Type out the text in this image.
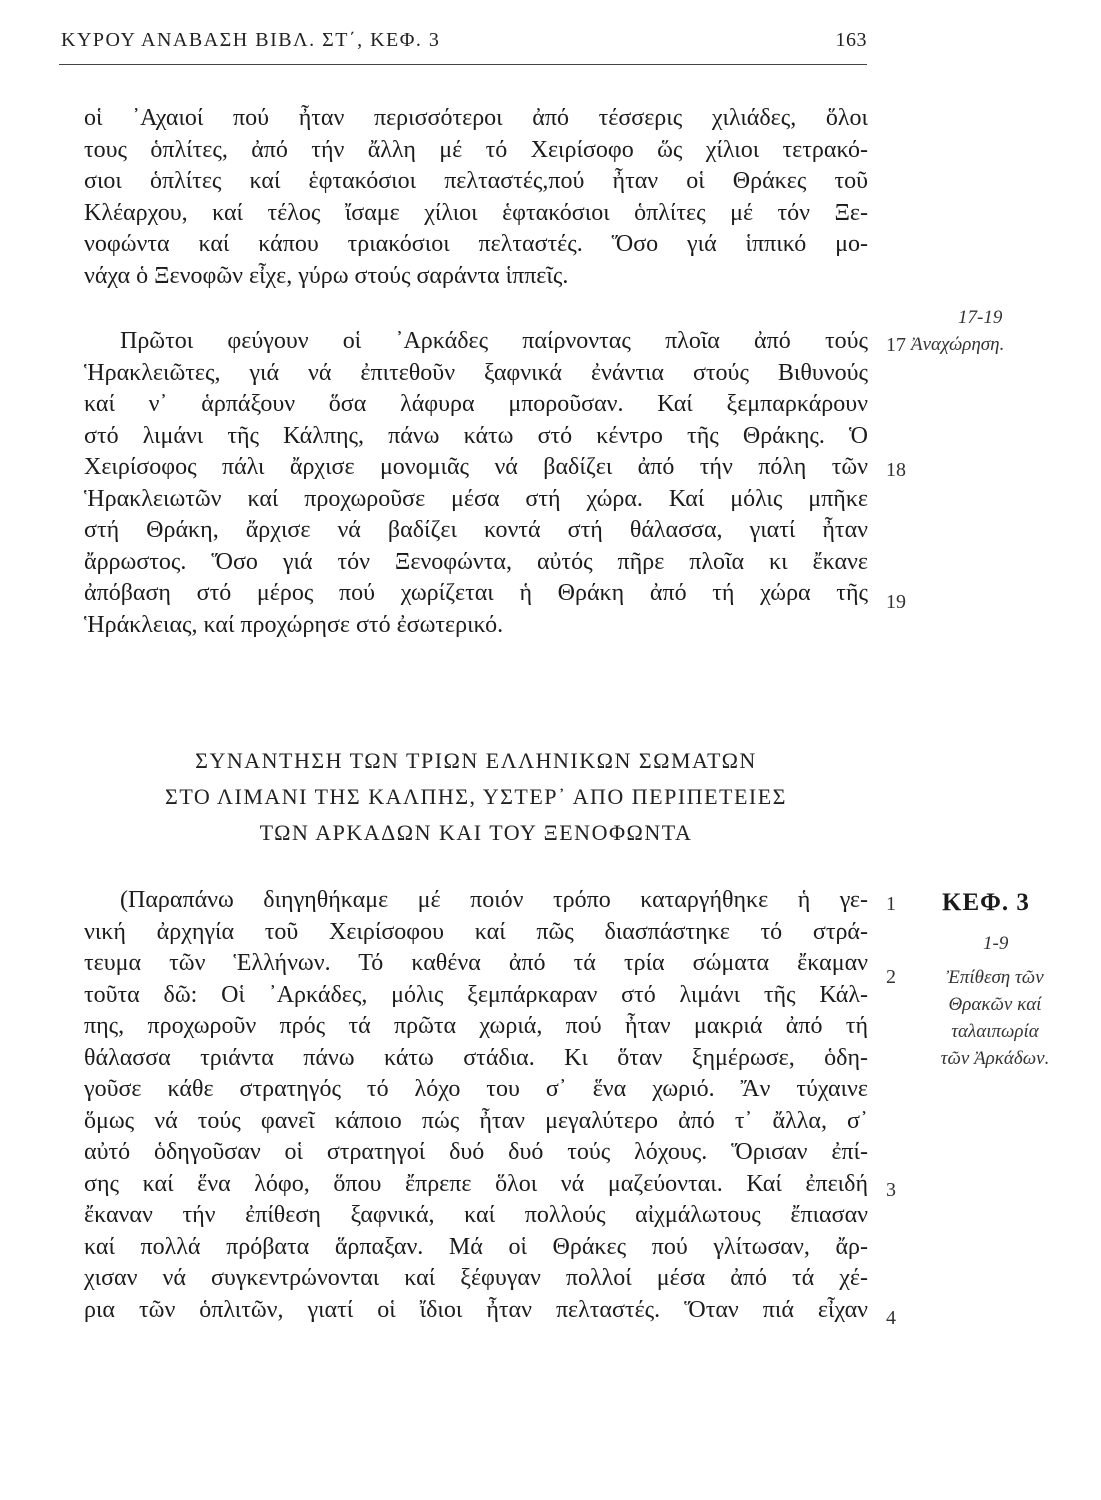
ΚΥΡΟΥ ΑΝΑΒΑΣΗ ΒΙΒΛ. ΣΤ΄, ΚΕΦ. 3	163
οἱ ᾽Αχαιοί πού ἦταν περισσότεροι ἀπό τέσσερις χιλιάδες, ὅλοι
τους ὁπλίτες, ἀπό τήν ἄλλη μέ τό Χειρίσοφο ὥς χίλιοι τετρακό-
σιοι ὁπλίτες καί ἑφτακόσιοι πελταστές,πού ἦταν οἱ Θράκες τοῦ
Κλέαρχου, καί τέλος ἴσαμε χίλιοι ἑφτακόσιοι ὁπλίτες μέ τόν Ξε-
νοφώντα καί κάπου τριακόσιοι πελταστές. Ὅσο γιά ἱππικό μο-
νάχα ὁ Ξενοφῶν εἶχε, γύρω στούς σαράντα ἱππεῖς.
Πρῶτοι φεύγουν οἱ ᾽Αρκάδες παίρνοντας πλοῖα ἀπό τούς
Ἡρακλειῶτες, γιά νά ἐπιτεθοῦν ξαφνικά ἐνάντια στούς Βιθυνούς
καί ν᾽ ἁρπάξουν ὅσα λάφυρα μποροῦσαν. Καί ξεμπαρκάρουν
στό λιμάνι τῆς Κάλπης, πάνω κάτω στό κέντρο τῆς Θράκης. Ὁ
Χειρίσοφος πάλι ἄρχισε μονομιᾶς νά βαδίζει ἀπό τήν πόλη τῶν
Ἡρακλειωτῶν καί προχωροῦσε μέσα στή χώρα. Καί μόλις μπῆκε
στή Θράκη, ἄρχισε νά βαδίζει κοντά στή θάλασσα, γιατί ἦταν
ἄρρωστος. Ὅσο γιά τόν Ξενοφώντα, αὐτός πῆρε πλοῖα κι ἔκανε
ἀπόβαση στό μέρος πού χωρίζεται ἡ Θράκη ἀπό τή χώρα τῆς
Ἡράκλειας, καί προχώρησε στό ἐσωτερικό.
ΣΥΝΑΝΤΗΣΗ ΤΩΝ ΤΡΙΩΝ ΕΛΛΗΝΙΚΩΝ ΣΩΜΑΤΩΝ
ΣΤΟ ΛΙΜΑΝΙ ΤΗΣ ΚΑΛΠΗΣ, ΥΣΤΕΡ᾽ ΑΠΟ ΠΕΡΙΠΕΤΕΙΕΣ
ΤΩΝ ΑΡΚΑΔΩΝ ΚΑΙ ΤΟΥ ΞΕΝΟΦΩΝΤΑ
(Παραπάνω διηγηθήκαμε μέ ποιόν τρόπο καταργήθηκε ἡ γε-
νική ἀρχηγία τοῦ Χειρίσοφου καί πῶς διασπάστηκε τό στρά-
τευμα τῶν Ἑλλήνων. Τό καθένα ἀπό τά τρία σώματα ἔκαμαν
τοῦτα δῶ: Οἱ ᾽Αρκάδες, μόλις ξεμπάρκαραν στό λιμάνι τῆς Κάλ-
πης, προχωροῦν πρός τά πρῶτα χωριά, πού ἦταν μακριά ἀπό τή
θάλασσα τριάντα πάνω κάτω στάδια. Κι ὅταν ξημέρωσε, ὁδη-
γοῦσε κάθε στρατηγός τό λόχο του σ᾽ ἕνα χωριό. Ἄν τύχαινε
ὅμως νά τούς φανεῖ κάποιο πώς ἦταν μεγαλύτερο ἀπό τ᾽ ἄλλα, σ᾽
αὐτό ὁδηγοῦσαν οἱ στρατηγοί δυό δυό τούς λόχους. Ὅρισαν ἐπί-
σης καί ἕνα λόφο, ὅπου ἔπρεπε ὅλοι νά μαζεύονται. Καί ἐπειδή
ἔκαναν τήν ἐπίθεση ξαφνικά, καί πολλούς αἰχμάλωτους ἔπιασαν
καί πολλά πρόβατα ἅρπαξαν. Μά οἱ Θράκες πού γλίτωσαν, ἄρ-
χισαν νά συγκεντρώνονται καί ξέφυγαν πολλοί μέσα ἀπό τά χέ-
ρια τῶν ὁπλιτῶν, γιατί οἱ ἴδιοι ἦταν πελταστές. Ὅταν πιά εἶχαν
17-19
17 Ἀναχώρηση.
18
19
1 ΚΕΦ. 3
1-9
2	Ἐπίθεση τῶν
Θρακῶν καί
ταλαιπωρία
τῶν Ἀρκάδων.
3
4
